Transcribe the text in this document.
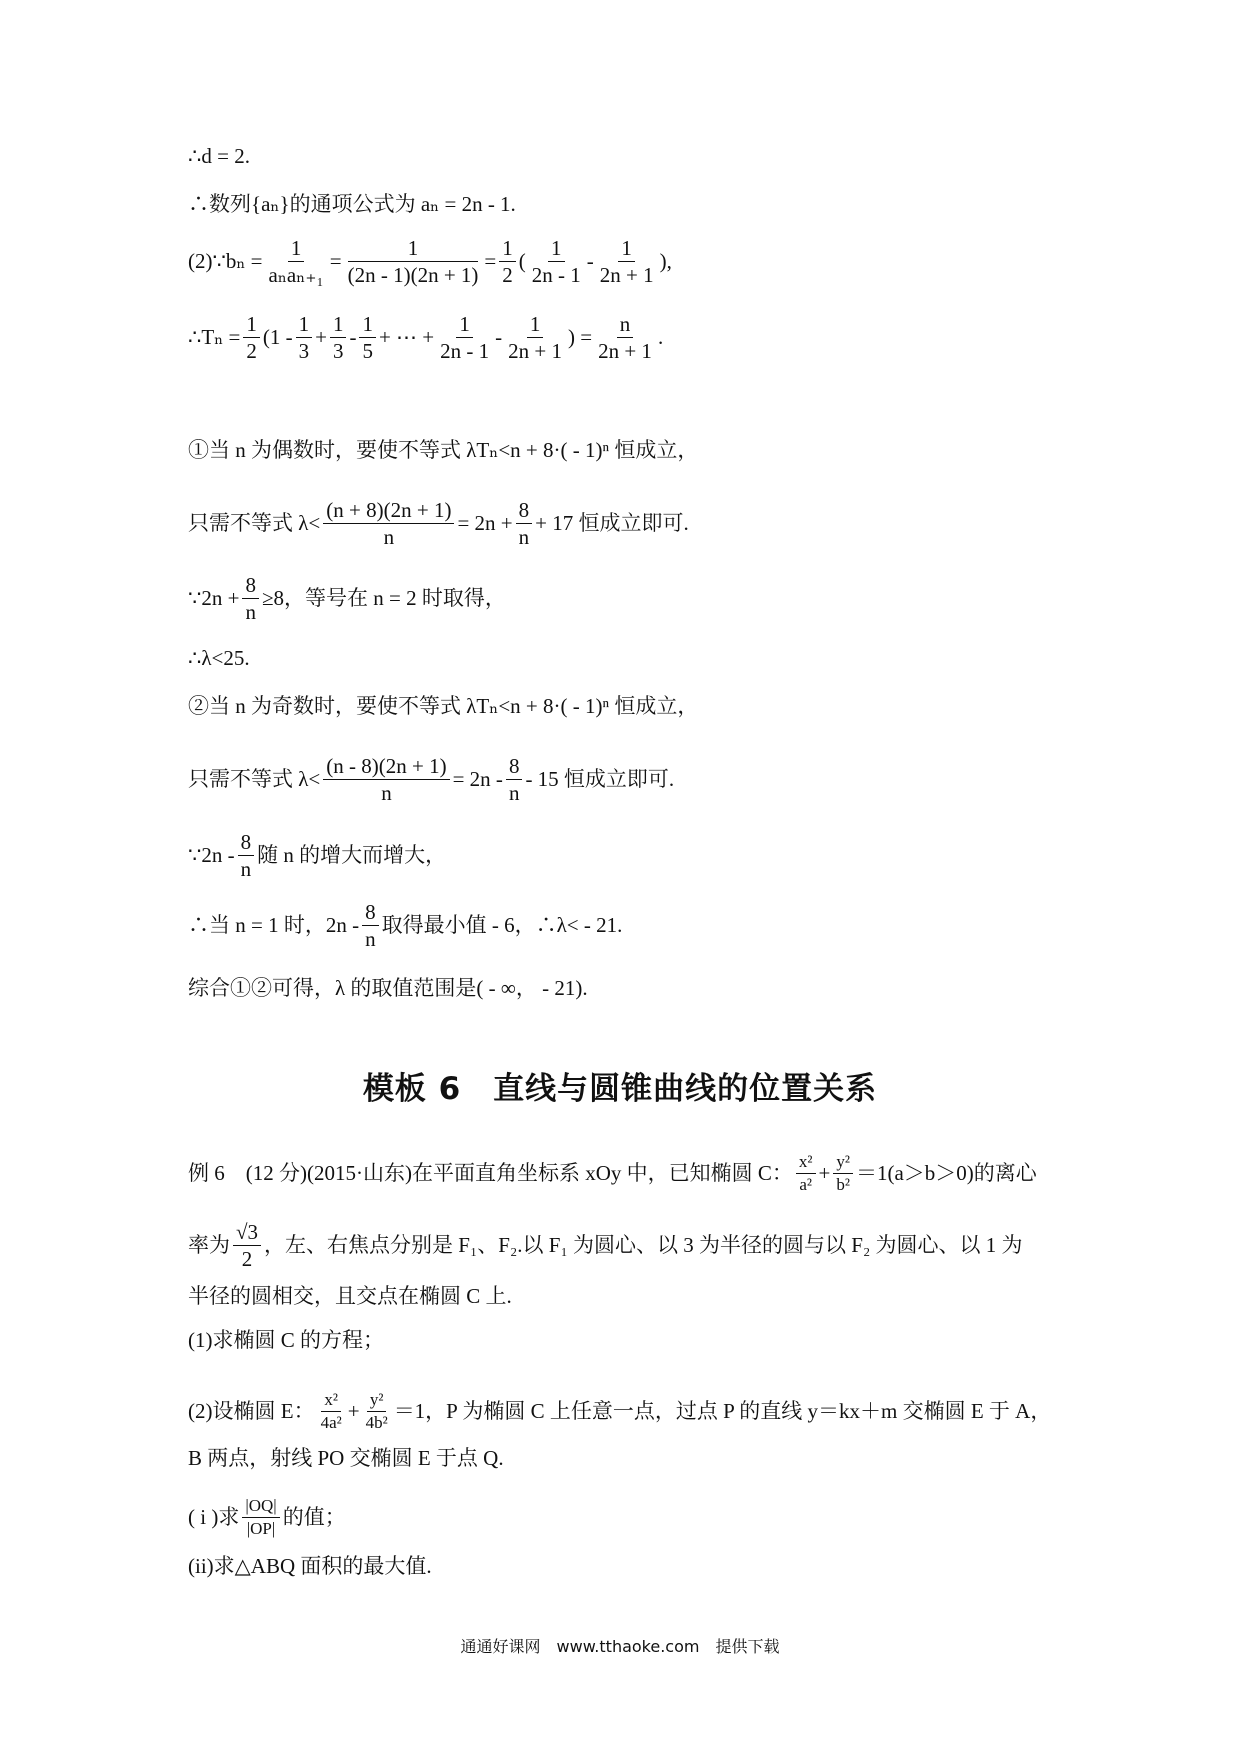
∴d = 2.
∴数列{aₙ}的通项公式为 aₙ = 2n - 1.
(2)∵bₙ = $\frac{1}{\text{aₙaₙ₊₁}} = \frac{1}{(2n - 1)(2n + 1)} = \frac{1}{2}$ ( $\frac{1}{2n - 1} - \frac{1}{2n + 1}$ ) ,
∴Tₙ = $\frac{1}{2} (1 - \frac{1}{3} + \frac{1}{3} - \frac{1}{5}$ + ⋯ + $\frac{1}{2n - 1} - \frac{1}{2n + 1}$ ) = $\frac{n}{2n + 1}$ .
①当 n 为偶数时，要使不等式 λTₙ<n + 8·( - 1)ⁿ 恒成立，
只需不等式 $\lambda< \frac{(n + 8)(2n + 1)}{n} = 2n + \frac{8}{n} + 17$ 恒成立即可.
∵2n + $\frac{8}{n} \ge 8$，等号在 n = 2 时取得，
∴λ<25.
②当 n 为奇数时，要使不等式 λTₙ<n + 8·( - 1)ⁿ 恒成立，
只需不等式 $\lambda< \frac{(n - 8)(2n + 1)}{n} = 2n - \frac{8}{n} - 15$ 恒成立即可.
∵2n - $\frac{8}{n}$ 随 n 的增大而增大，
∴当 n = 1 时，$2n - \frac{8}{n}$ 取得最小值 - 6，∴λ< - 21.
综合①②可得，λ 的取值范围是( - ∞， - 21).
模板 6　直线与圆锥曲线的位置关系
例 6　(12 分)(2015·山东)在平面直角坐标系 xOy 中，已知椭圆 C： $\frac{\text{x²}}{\text{a²}} + \frac{\text{y²}}{\text{b²}} =1(a>b>0)$的离心
率为 $\frac{√3}{2}$ ，左、右焦点分别是 F₁、F₂.以 F₁ 为圆心、以 3 为半径的圆与以 F₂ 为圆心、以 1 为
半径的圆相交，且交点在椭圆 C 上.
(1)求椭圆 C 的方程；
(2)设椭圆 E： $\frac{\text{x²}}{\text{4a²}} + \frac{\text{y²}}{\text{4b²}} =1$，P 为椭圆 C 上任意一点，过点 P 的直线 y＝kx＋m 交椭圆 E 于 A，
B 两点，射线 PO 交椭圆 E 于点 Q.
( i )求 $\frac{|OQ|}{|OP|}$ 的值；
(ii)求△ABQ 面积的最大值.
通通好课网　www.tthaoke.com　提供下载
